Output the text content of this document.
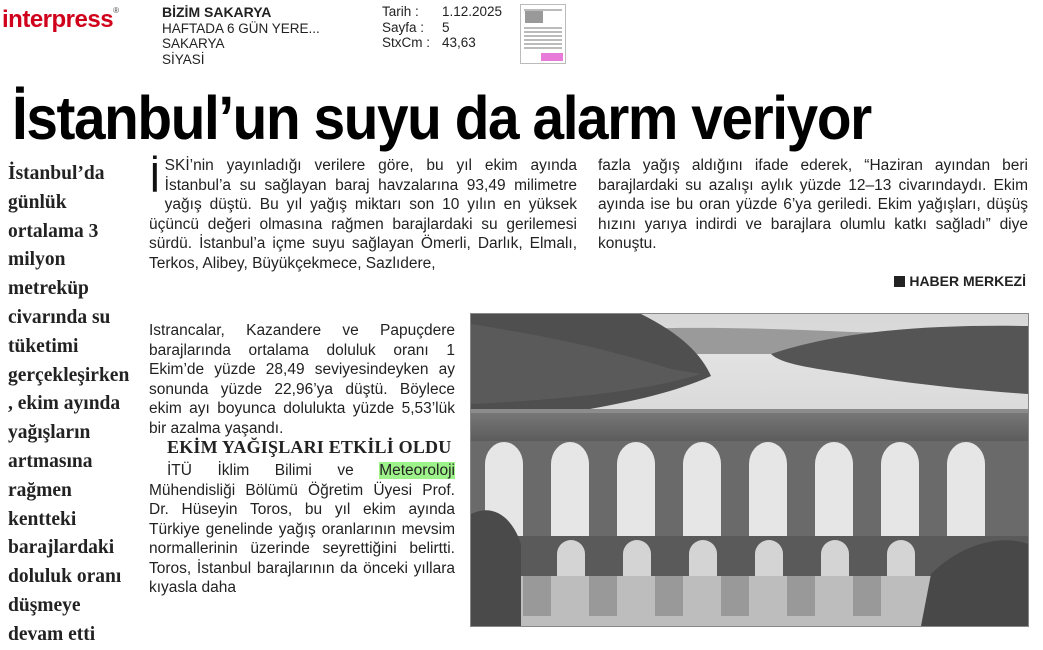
interpress®	BİZİM SAKARYA
HAFTADA 6 GÜN YERE...
SAKARYA
SİYASİ
Tarih :	1.12.2025
Sayfa :	5
StxCm : 43,63
İstanbul’un suyu da alarm veriyor
İstanbul’da günlük ortalama 3 milyon metreküp civarında su tüketimi gerçekleşirken , ekim ayında yağışların artmasına rağmen kentteki barajlardaki doluluk oranı düşmeye devam etti

İSKİ’nin yayınladığı verilere göre, bu yıl ekim ayında İstanbul’a su sağlayan baraj havzalarına 93,49 milimetre yağış düştü. Bu yıl yağış miktarı son 10 yılın en yüksek üçüncü değeri olmasına rağmen barajlardaki su gerilemesi sürdü. İstanbul’a içme suyu sağlayan Ömerli, Darlık, Elmalı, Terkos, Alibey, Büyükçekmece, Sazlıdere,

Istrancalar, Kazandere ve Papuçdere barajlarında ortalama doluluk oranı 1 Ekim’de yüzde 28,49 seviyesindeyken ay sonunda yüzde 22,96’ya düştü. Böylece ekim ayı boyunca dolulukta yüzde 5,53’lük bir azalma yaşandı.

EKİM YAĞIŞLARI ETKİLİ OLDU

İTÜ İklim Bilimi ve Meteoroloji Mühendisliği Bölümü Öğretim Üyesi Prof. Dr. Hüseyin Toros, bu yıl ekim ayında Türkiye genelinde yağış oranlarının mevsim normallerinin üzerinde seyrettiğini belirtti. Toros, İstanbul barajlarının da önceki yıllara kıyasla daha

fazla yağış aldığını ifade ederek, “Haziran ayından beri barajlardaki su azalışı aylık yüzde 12–13 civarındaydı. Ekim ayında ise bu oran yüzde 6’ya geriledi. Ekim yağışları, düşüş hızını yarıya indirdi ve barajlara olumlu katkı sağladı” diye konuştu.

HABER MERKEZİ
